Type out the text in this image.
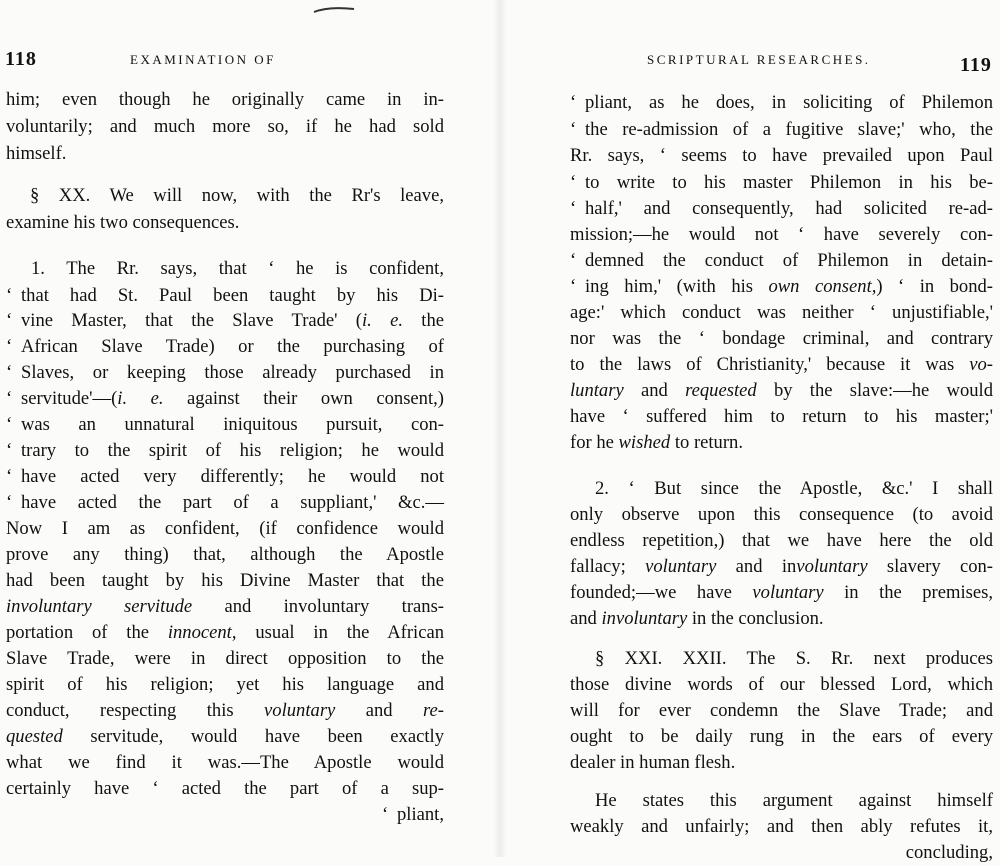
118	EXAMINATION OF
him; even though he originally came in in-
voluntarily; and much more so, if he had sold
himself.
§ XX. We will now, with the Rr's leave,
examine his two consequences.
1. The Rr. says, that ‘ he is confident,
‘ that had St. Paul been taught by his Di-
‘ vine Master, that the Slave Trade' (i. e. the
‘ African Slave Trade) or the purchasing of
‘ Slaves, or keeping those already purchased in
‘ servitude'—(i. e. against their own consent,)
‘ was an unnatural iniquitous pursuit, con-
‘ trary to the spirit of his religion; he would
‘ have acted very differently; he would not
‘ have acted the part of a suppliant,' &c.—
Now I am as confident, (if confidence would
prove any thing) that, although the Apostle
had been taught by his Divine Master that the
involuntary servitude and involuntary trans-
portation of the innocent, usual in the African
Slave Trade, were in direct opposition to the
spirit of his religion; yet his language and
conduct, respecting this voluntary and re-
quested servitude, would have been exactly
what we find it was.—The Apostle would
certainly have ‘ acted the part of a sup-
‘ pliant,
SCRIPTURAL RESEARCHES.	119
‘ pliant, as he does, in soliciting of Philemon
‘ the re-admission of a fugitive slave;' who, the
Rr. says, ‘ seems to have prevailed upon Paul
‘ to write to his master Philemon in his be-
‘ half,' and consequently, had solicited re-ad-
mission;—he would not ‘ have severely con-
‘ demned the conduct of Philemon in detain-
‘ ing him,' (with his own consent,) ‘ in bond-
age:' which conduct was neither ‘ unjustifiable,'
nor was the ‘ bondage criminal, and contrary
to the laws of Christianity,' because it was vo-
luntary and requested by the slave:—he would
have ‘ suffered him to return to his master;'
for he wished to return.
2. ‘ But since the Apostle, &c.' I shall
only observe upon this consequence (to avoid
endless repetition,) that we have here the old
fallacy; voluntary and involuntary slavery con-
founded;—we have voluntary in the premises,
and involuntary in the conclusion.
§ XXI. XXII. The S. Rr. next produces
those divine words of our blessed Lord, which
will for ever condemn the Slave Trade; and
ought to be daily rung in the ears of every
dealer in human flesh.
He states this argument against himself
weakly and unfairly; and then ably refutes it,
concluding,
